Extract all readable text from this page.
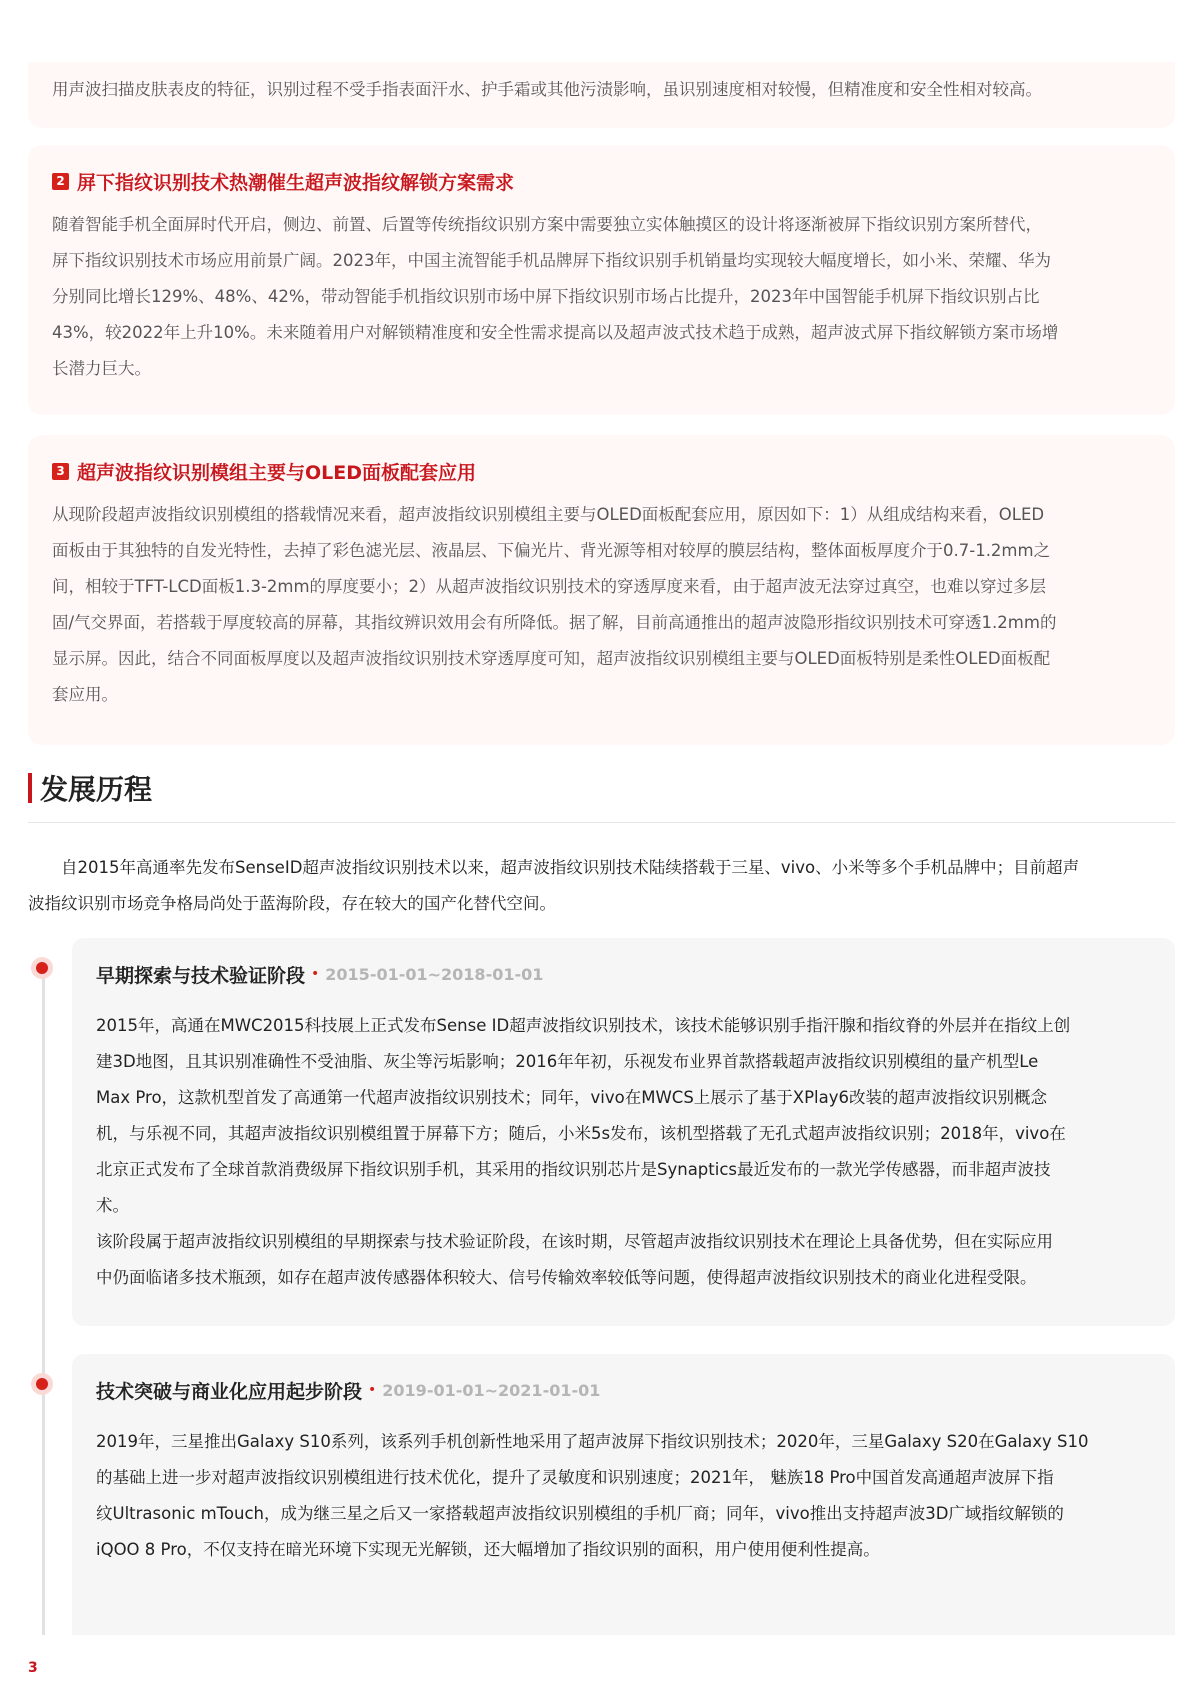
用声波扫描皮肤表皮的特征，识别过程不受手指表面汗水、护手霜或其他污渍影响，虽识别速度相对较慢，但精准度和安全性相对较高。

2 屏下指纹识别技术热潮催生超声波指纹解锁方案需求

随着智能手机全面屏时代开启，侧边、前置、后置等传统指纹识别方案中需要独立实体触摸区的设计将逐渐被屏下指纹识别方案所替代，

屏下指纹识别技术市场应用前景广阔。2023年，中国主流智能手机品牌屏下指纹识别手机销量均实现较大幅度增长，如小米、荣耀、华为

分别同比增长129%、48%、42%，带动智能手机指纹识别市场中屏下指纹识别市场占比提升，2023年中国智能手机屏下指纹识别占比

43%，较2022年上升10%。未来随着用户对解锁精准度和安全性需求提高以及超声波式技术趋于成熟，超声波式屏下指纹解锁方案市场增

长潜力巨大。

3 超声波指纹识别模组主要与OLED面板配套应用

从现阶段超声波指纹识别模组的搭载情况来看，超声波指纹识别模组主要与OLED面板配套应用，原因如下：1）从组成结构来看，OLED

面板由于其独特的自发光特性，去掉了彩色滤光层、液晶层、下偏光片、背光源等相对较厚的膜层结构，整体面板厚度介于0.7-1.2mm之

间，相较于TFT-LCD面板1.3-2mm的厚度要小；2）从超声波指纹识别技术的穿透厚度来看，由于超声波无法穿过真空，也难以穿过多层

固/气交界面，若搭载于厚度较高的屏幕，其指纹辨识效用会有所降低。据了解，目前高通推出的超声波隐形指纹识别技术可穿透1.2mm的

显示屏。因此，结合不同面板厚度以及超声波指纹识别技术穿透厚度可知，超声波指纹识别模组主要与OLED面板特别是柔性OLED面板配

套应用。

发展历程
自2015年高通率先发布SenseID超声波指纹识别技术以来，超声波指纹识别技术陆续搭载于三星、vivo、小米等多个手机品牌中；目前超声
波指纹识别市场竞争格局尚处于蓝海阶段，存在较大的国产化替代空间。
早期探索与技术验证阶段 • 2015-01-01~2018-01-01

2015年，高通在MWC2015科技展上正式发布Sense ID超声波指纹识别技术，该技术能够识别手指汗腺和指纹脊的外层并在指纹上创

建3D地图，且其识别准确性不受油脂、灰尘等污垢影响；2016年年初，乐视发布业界首款搭载超声波指纹识别模组的量产机型Le

Max Pro，这款机型首发了高通第一代超声波指纹识别技术；同年，vivo在MWCS上展示了基于XPlay6改装的超声波指纹识别概念

机，与乐视不同，其超声波指纹识别模组置于屏幕下方；随后，小米5s发布，该机型搭载了无孔式超声波指纹识别；2018年，vivo在

北京正式发布了全球首款消费级屏下指纹识别手机，其采用的指纹识别芯片是Synaptics最近发布的一款光学传感器，而非超声波技

术。

该阶段属于超声波指纹识别模组的早期探索与技术验证阶段，在该时期，尽管超声波指纹识别技术在理论上具备优势，但在实际应用

中仍面临诸多技术瓶颈，如存在超声波传感器体积较大、信号传输效率较低等问题，使得超声波指纹识别技术的商业化进程受限。

技术突破与商业化应用起步阶段 • 2019-01-01~2021-01-01

2019年，三星推出Galaxy S10系列，该系列手机创新性地采用了超声波屏下指纹识别技术；2020年，三星Galaxy S20在Galaxy S10

的基础上进一步对超声波指纹识别模组进行技术优化，提升了灵敏度和识别速度；2021年， 魅族18 Pro中国首发高通超声波屏下指

纹Ultrasonic mTouch，成为继三星之后又一家搭载超声波指纹识别模组的手机厂商；同年，vivo推出支持超声波3D广域指纹解锁的

iQOO 8 Pro，不仅支持在暗光环境下实现无光解锁，还大幅增加了指纹识别的面积，用户使用便利性提高。

3
